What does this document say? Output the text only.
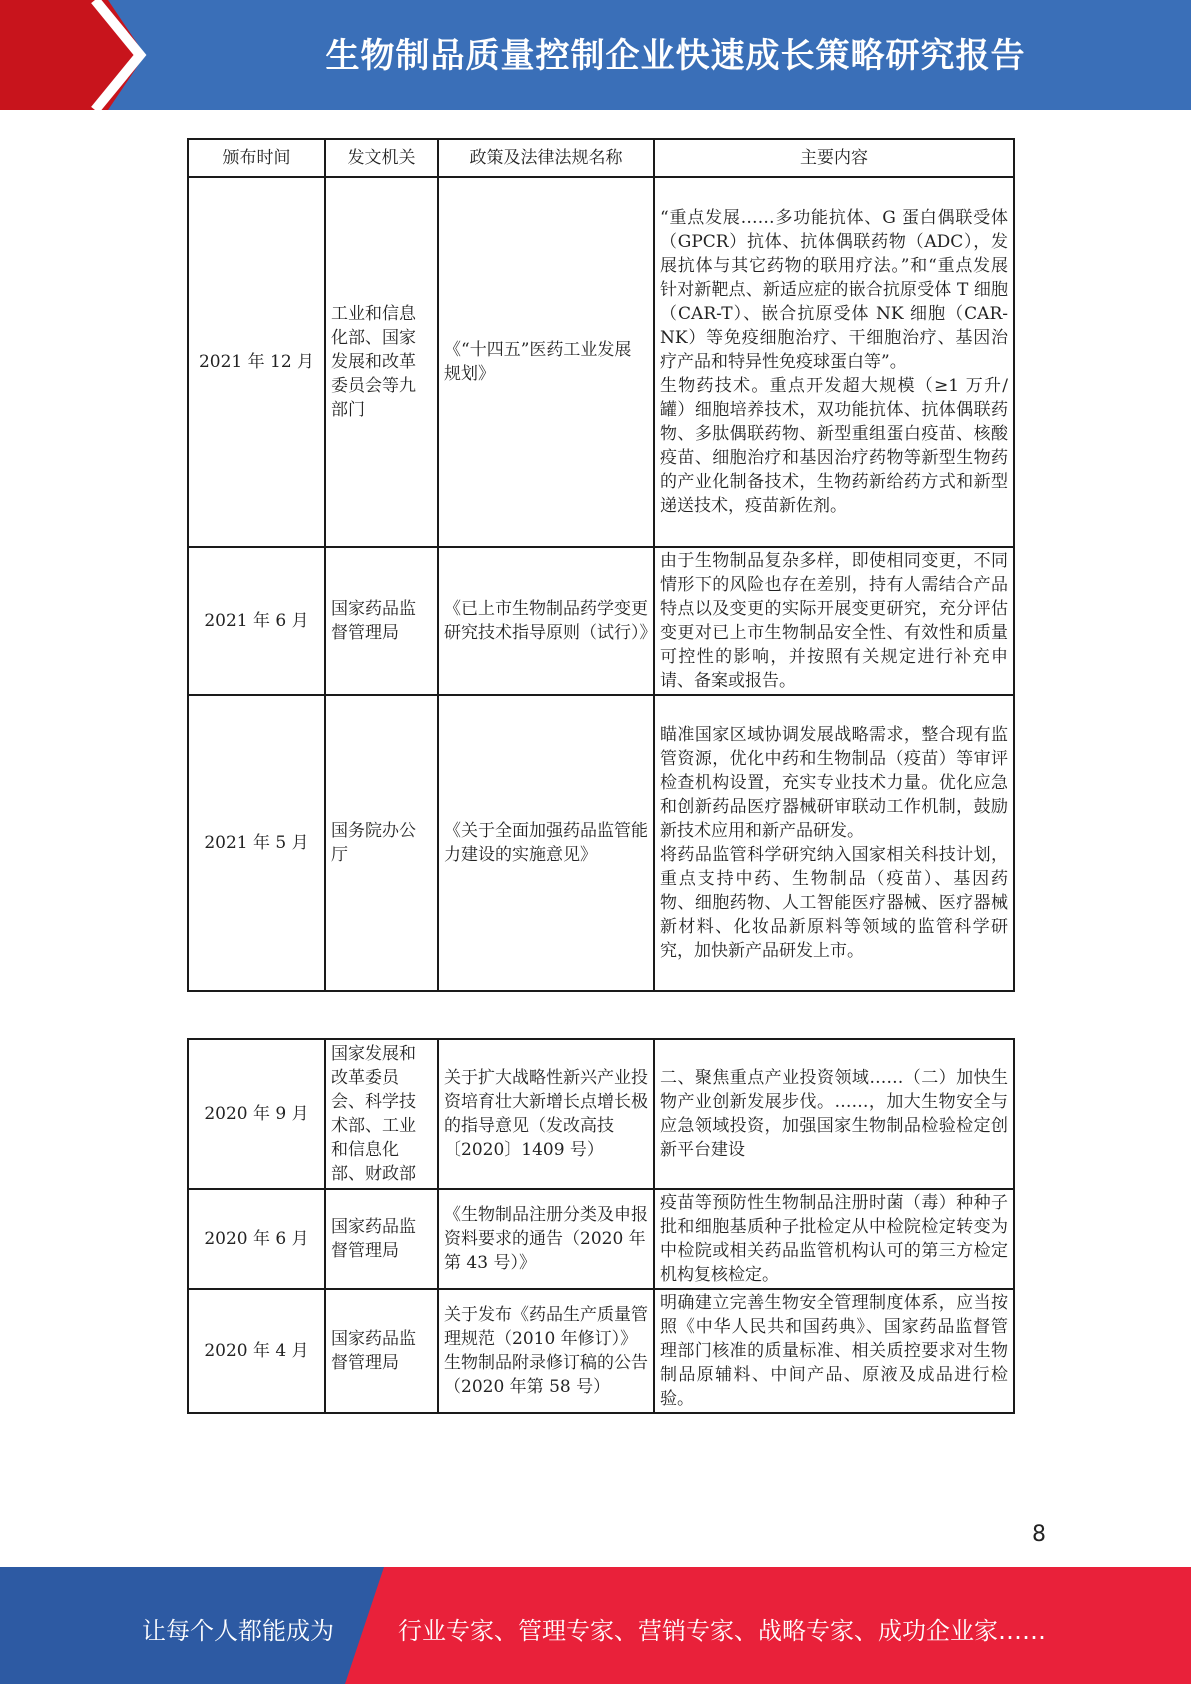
生物制品质量控制企业快速成长策略研究报告
颁布时间	发文机关	政策及法律法规名称	主要内容
2021 年 12 月	工业和信息化部、国家发展和改革委员会等九部门	《“十四五”医药工业发展规划》	“重点发展……多功能抗体、G 蛋白偶联受体（GPCR）抗体、抗体偶联药物（ADC），发展抗体与其它药物的联用疗法。”和“重点发展针对新靶点、新适应症的嵌合抗原受体 T 细胞（CAR-T）、嵌合抗原受体 NK 细胞（CAR-NK）等免疫细胞治疗、干细胞治疗、基因治疗产品和特异性免疫球蛋白等”。
生物药技术。重点开发超大规模（≥1 万升/罐）细胞培养技术，双功能抗体、抗体偶联药物、多肽偶联药物、新型重组蛋白疫苗、核酸疫苗、细胞治疗和基因治疗药物等新型生物药的产业化制备技术，生物药新给药方式和新型递送技术，疫苗新佐剂。

2021 年 6 月	国家药品监督管理局	《已上市生物制品药学变更研究技术指导原则（试行）》	由于生物制品复杂多样，即使相同变更，不同情形下的风险也存在差别，持有人需结合产品特点以及变更的实际开展变更研究，充分评估变更对已上市生物制品安全性、有效性和质量可控性的影响，并按照有关规定进行补充申请、备案或报告。

2021 年 5 月	国务院办公厅	《关于全面加强药品监管能力建设的实施意见》	瞄准国家区域协调发展战略需求，整合现有监管资源，优化中药和生物制品（疫苗）等审评检查机构设置，充实专业技术力量。优化应急和创新药品医疗器械研审联动工作机制，鼓励新技术应用和新产品研发。
将药品监管科学研究纳入国家相关科技计划，重点支持中药、生物制品（疫苗）、基因药物、细胞药物、人工智能医疗器械、医疗器械新材料、化妆品新原料等领域的监管科学研究，加快新产品研发上市。
2020 年 9 月	国家发展和改革委员会、科学技术部、工业和信息化部、财政部	关于扩大战略性新兴产业投资培育壮大新增长点增长极的指导意见（发改高技〔2020〕1409 号）	二、聚焦重点产业投资领域……（二）加快生物产业创新发展步伐。……，加大生物安全与应急领域投资，加强国家生物制品检验检定创新平台建设

2020 年 6 月	国家药品监督管理局	《生物制品注册分类及申报资料要求的通告（2020 年第 43 号）》	疫苗等预防性生物制品注册时菌（毒）种种子批和细胞基质种子批检定从中检院检定转变为中检院或相关药品监管机构认可的第三方检定机构复核检定。

2020 年 4 月	国家药品监督管理局	关于发布《药品生产质量管理规范（2010 年修订）》生物制品附录修订稿的公告（2020 年第 58 号）	明确建立完善生物安全管理制度体系，应当按照《中华人民共和国药典》、国家药品监督管理部门核准的质量标准、相关质控要求对生物制品原辅料、中间产品、原液及成品进行检验。
8
让每个人都能成为	行业专家、管理专家、营销专家、战略专家、成功企业家……
